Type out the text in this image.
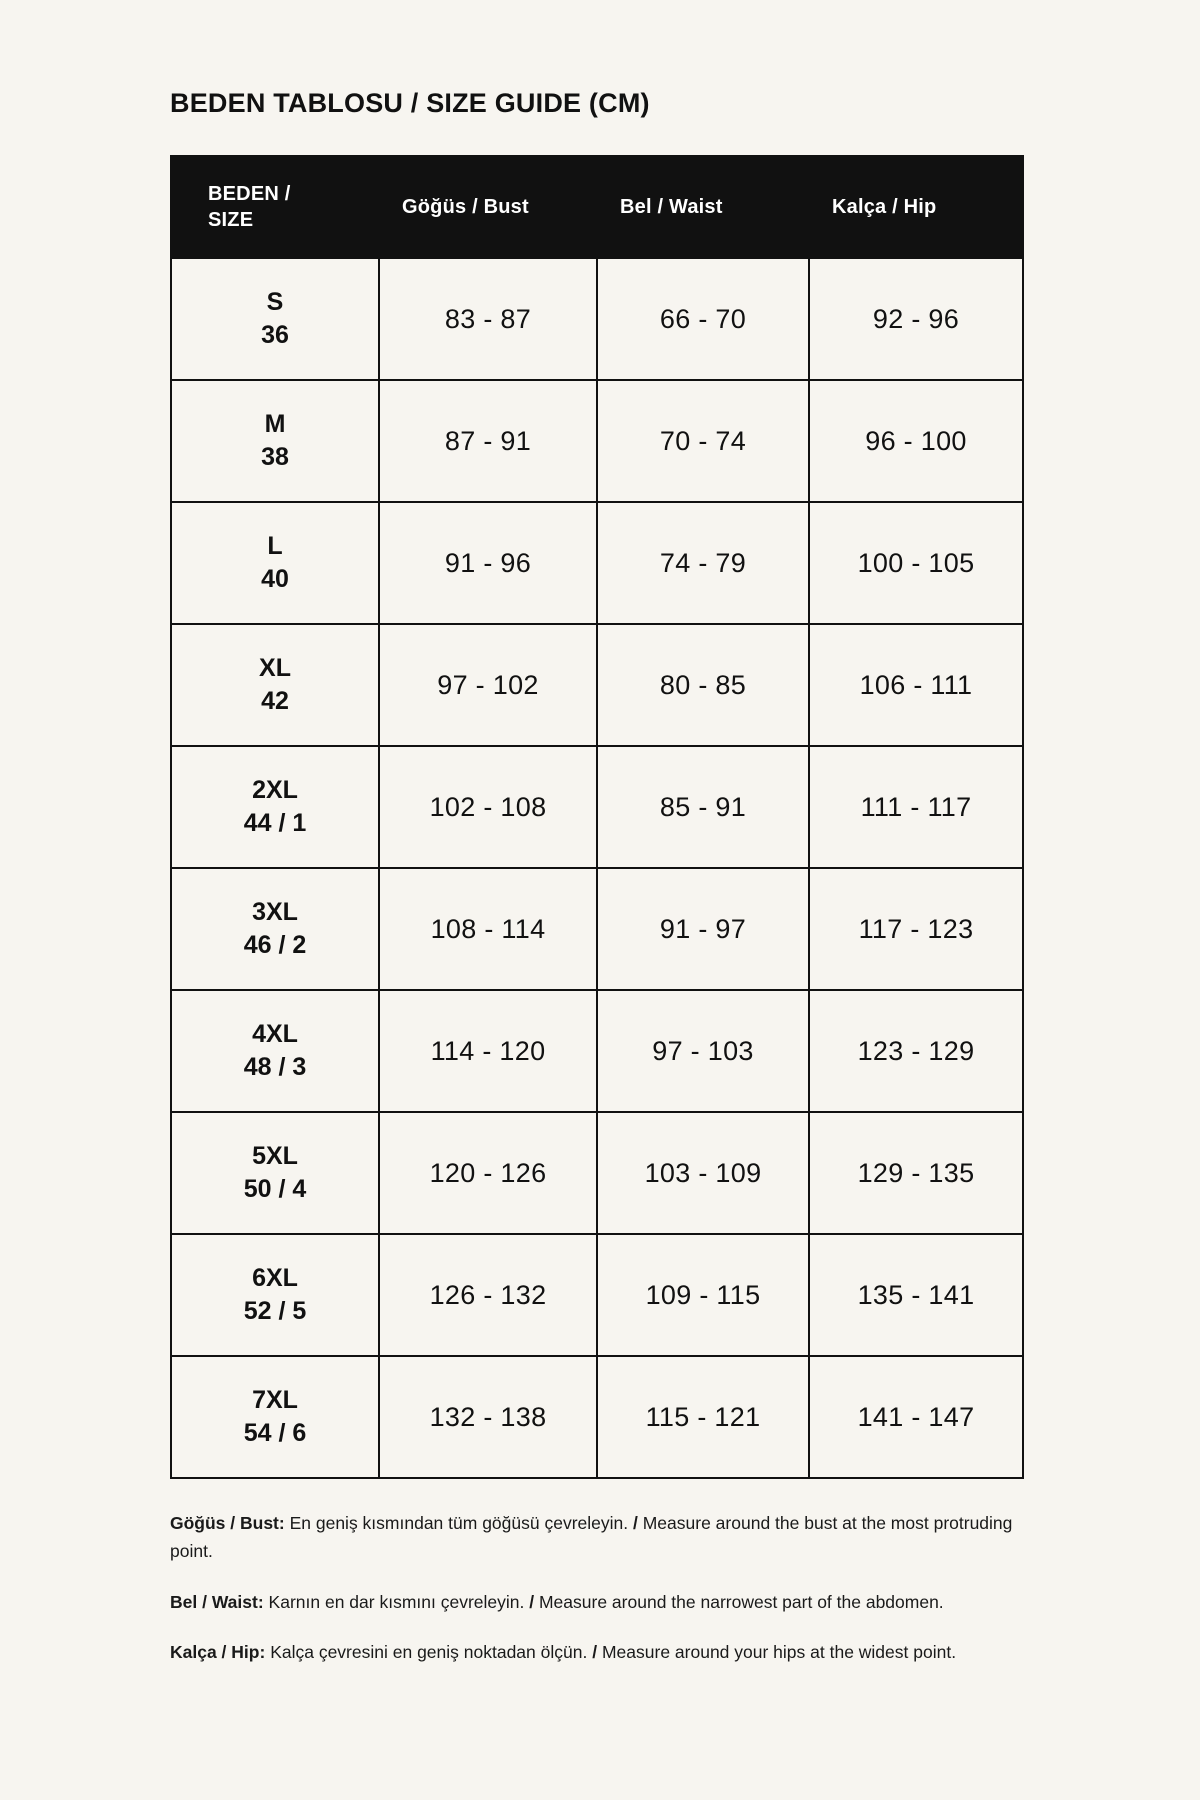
BEDEN TABLOSU / SIZE GUIDE (CM)
BEDEN /
SIZE	Göğüs / Bust	Bel / Waist	Kalça / Hip
S
36	83 - 87	66 - 70	92 - 96
M
38	87 - 91	70 - 74	96 - 100
L
40	91 - 96	74 - 79	100 - 105
XL
42	97 - 102	80 - 85	106 - 111
2XL
44 / 1	102 - 108	85 - 91	111 - 117
3XL
46 / 2	108 - 114	91 - 97	117 - 123
4XL
48 / 3	114 - 120	97 - 103	123 - 129
5XL
50 / 4	120 - 126	103 - 109	129 - 135
6XL
52 / 5	126 - 132	109 - 115	135 - 141
7XL
54 / 6	132 - 138	115 - 121	141 - 147

Göğüs / Bust: En geniş kısmından tüm göğüsü çevreleyin. / Measure around the bust at the most protruding point.

Bel / Waist: Karnın en dar kısmını çevreleyin. / Measure around the narrowest part of the abdomen.

Kalça / Hip: Kalça çevresini en geniş noktadan ölçün. / Measure around your hips at the widest point.
